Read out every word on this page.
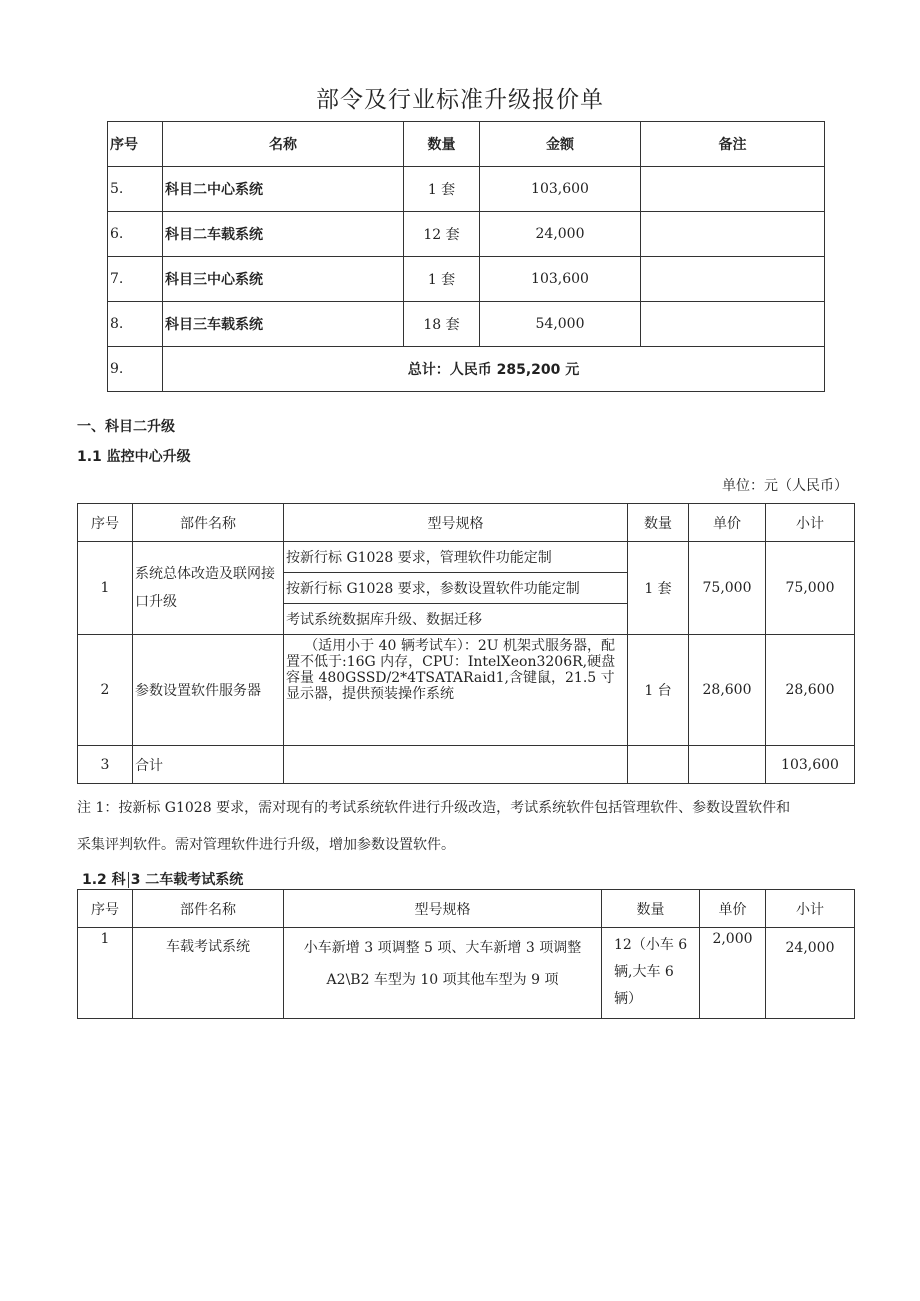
部令及行业标准升级报价单
序号	名称	数量	金额	备注
5.	科目二中心系统	1 套	103,600	
6.	科目二车载系统	12 套	24,000	
7.	科目三中心系统	1 套	103,600	
8.	科目三车载系统	18 套	54,000	
9.	总计：人民币 285,200 元			
一、科目二升级
1.1 监控中心升级
单位：元（人民币）
序号	部件名称	型号规格	数量	单价	小计
1	系统总体改造及联网接口升级	按新行标 G1028 要求，管理软件功能定制	1 套	75,000	75,000
		按新行标 G1028 要求，参数设置软件功能定制			
		考试系统数据库升级、数据迁移			
2	参数设置软件服务器	（适用小于 40 辆考试车）：2U 机架式服务器，配置不低于:16G 内存，CPU：IntelXeon3206R,硬盘容量 480GSSD/2*4TSATARaid1,含键鼠，21.5 寸显示器，提供预装操作系统	1 台	28,600	28,600
3	合计				103,600
注 1：按新标 G1028 要求，需对现有的考试系统软件进行升级改造，考试系统软件包括管理软件、参数设置软件和
采集评判软件。需对管理软件进行升级，增加参数设置软件。
1.2 科 3 二车载考试系统
序号	部件名称	型号规格	数量	单价	小计
1	车载考试系统	小车新增 3 项调整 5 项、大车新增 3 项调整
A2\B2 车型为 10 项其他车型为 9 项	12（小车 6 辆,大车 6 辆）	2,000	24,000
